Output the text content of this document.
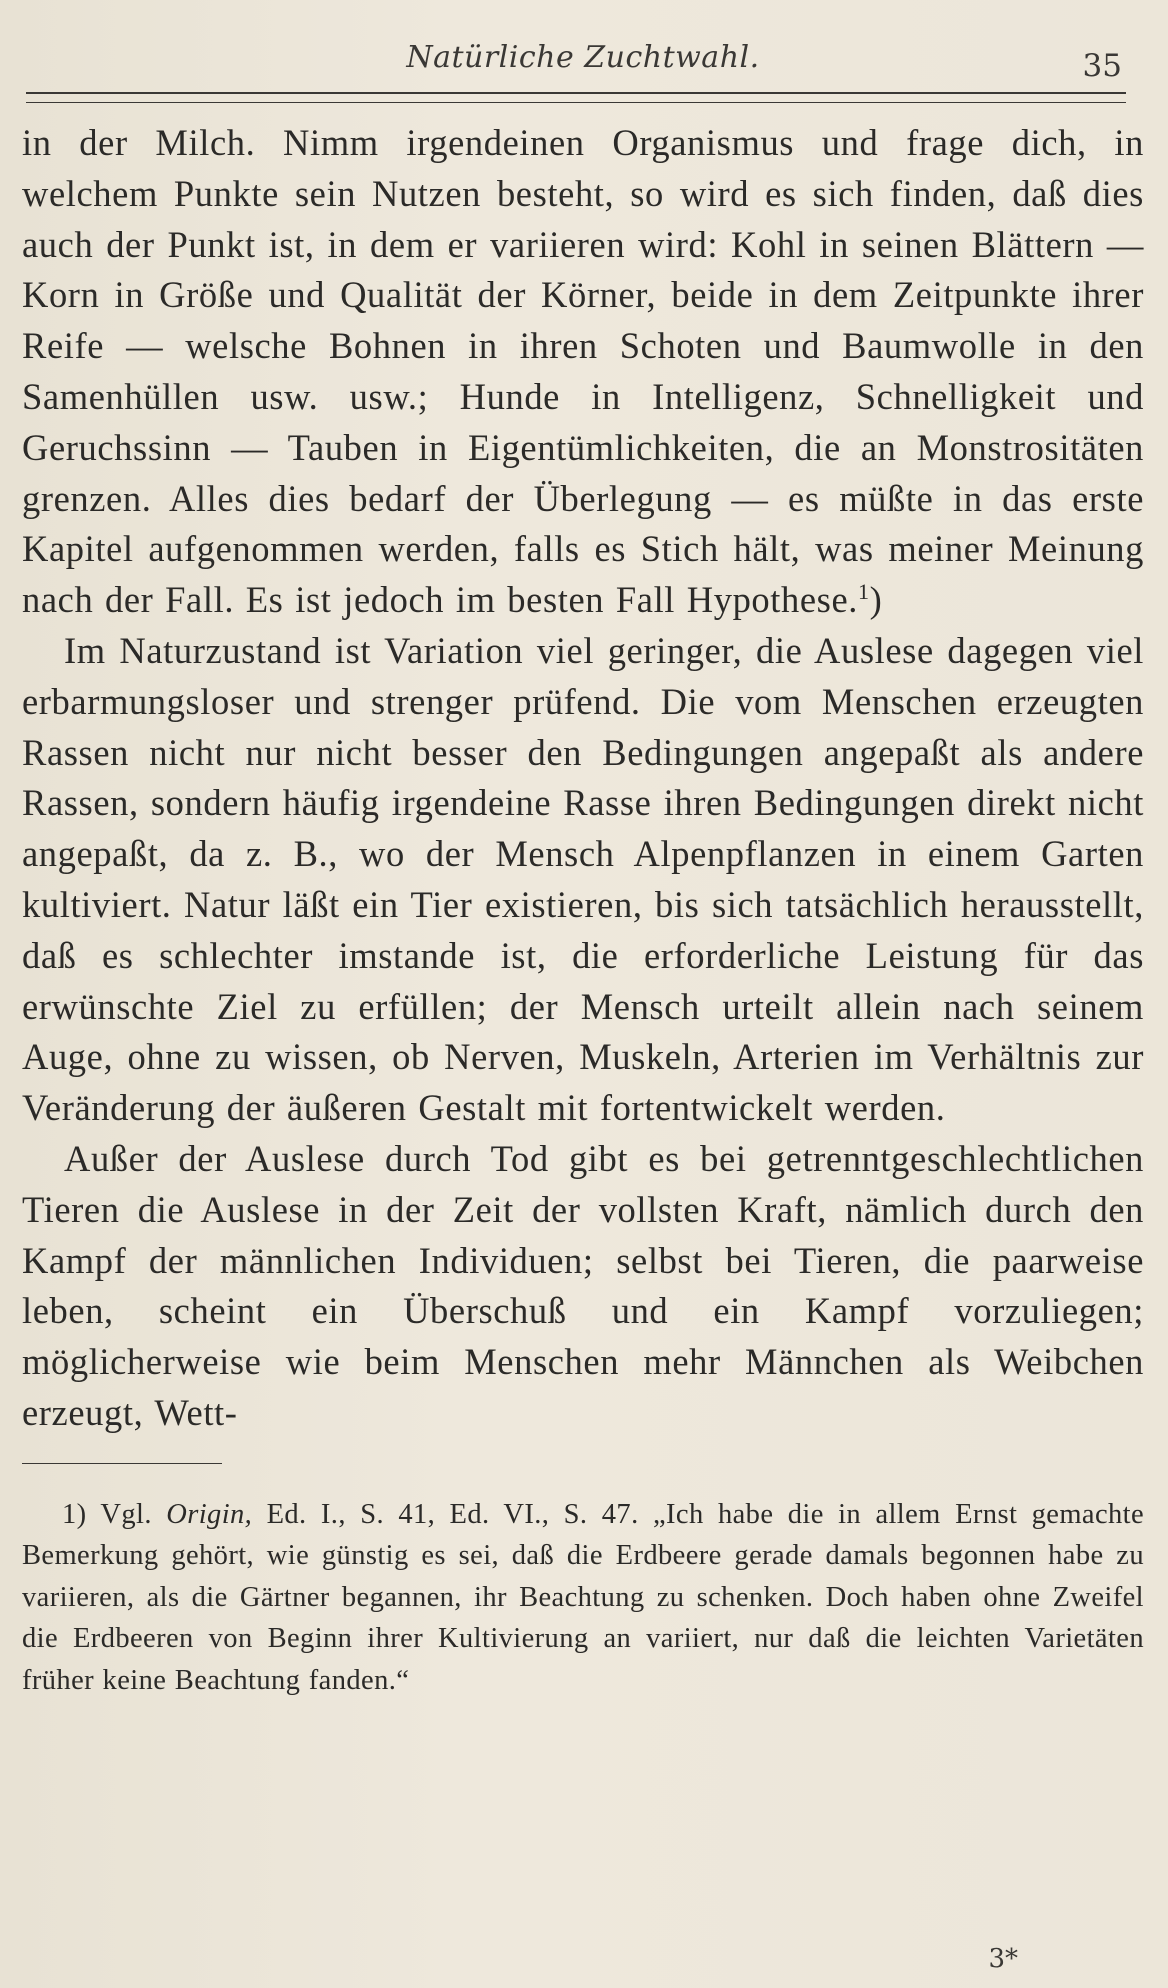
Natürliche Zuchtwahl.	35

in der Milch. Nimm irgendeinen Organismus und frage dich, in welchem Punkte sein Nutzen besteht, so wird es sich finden, daß dies auch der Punkt ist, in dem er variieren wird: Kohl in seinen Blättern — Korn in Größe und Qualität der Körner, beide in dem Zeitpunkte ihrer Reife — welsche Bohnen in ihren Schoten und Baumwolle in den Samenhüllen usw. usw.; Hunde in Intelligenz, Schnelligkeit und Geruchssinn — Tauben in Eigentümlichkeiten, die an Monstrositäten grenzen. Alles dies bedarf der Überlegung — es müßte in das erste Kapitel aufgenommen werden, falls es Stich hält, was meiner Meinung nach der Fall. Es ist jedoch im besten Fall Hypothese.$^1$)

Im Naturzustand ist Variation viel geringer, die Auslese dagegen viel erbarmungsloser und strenger prüfend. Die vom Menschen erzeugten Rassen nicht nur nicht besser den Bedingungen angepaßt als andere Rassen, sondern häufig irgendeine Rasse ihren Bedingungen direkt nicht angepaßt, da z. B., wo der Mensch Alpenpflanzen in einem Garten kultiviert. Natur läßt ein Tier existieren, bis sich tatsächlich herausstellt, daß es schlechter imstande ist, die erforderliche Leistung für das erwünschte Ziel zu erfüllen; der Mensch urteilt allein nach seinem Auge, ohne zu wissen, ob Nerven, Muskeln, Arterien im Verhältnis zur Veränderung der äußeren Gestalt mit fortentwickelt werden.

Außer der Auslese durch Tod gibt es bei getrenntgeschlechtlichen Tieren die Auslese in der Zeit der vollsten Kraft, nämlich durch den Kampf der männlichen Individuen; selbst bei Tieren, die paarweise leben, scheint ein Überschuß und ein Kampf vorzuliegen; möglicherweise wie beim Menschen mehr Männchen als Weibchen erzeugt, Wett-

1) Vgl. Origin, Ed. I., S. 41, Ed. VI., S. 47. „Ich habe die in allem Ernst gemachte Bemerkung gehört, wie günstig es sei, daß die Erdbeere gerade damals begonnen habe zu variieren, als die Gärtner begannen, ihr Beachtung zu schenken. Doch haben ohne Zweifel die Erdbeeren von Beginn ihrer Kultivierung an variiert, nur daß die leichten Varietäten früher keine Beachtung fanden.“

3*
